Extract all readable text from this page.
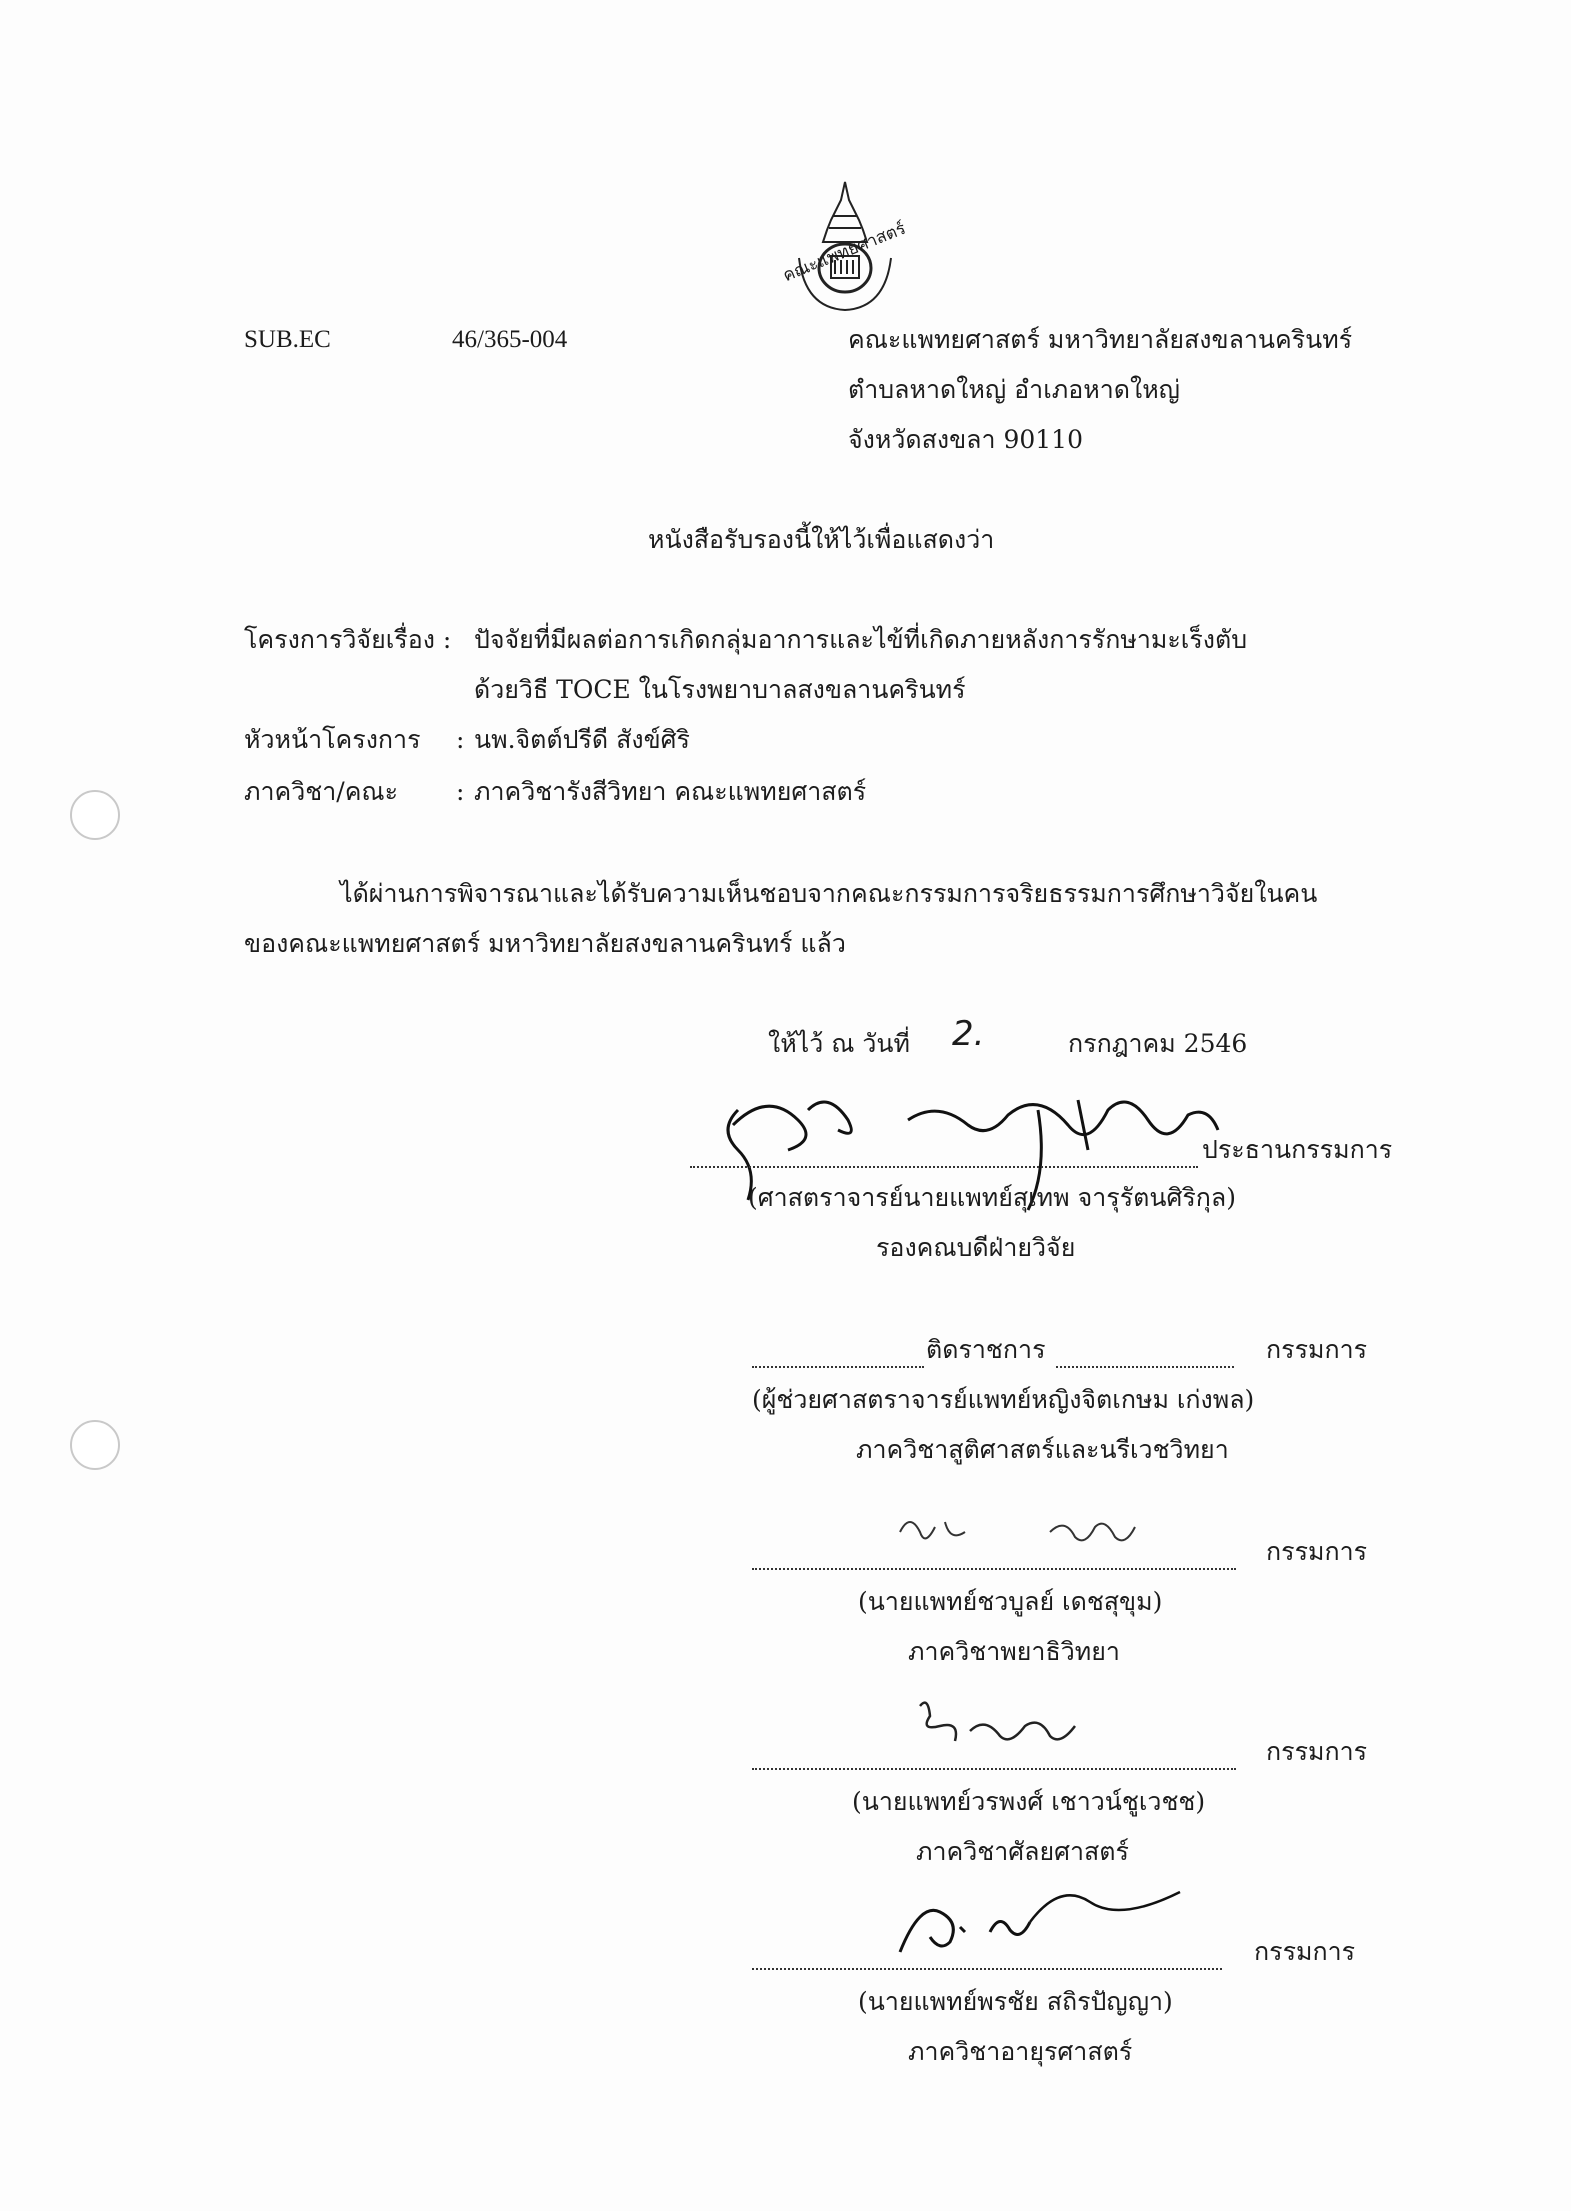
คณะแพทยศาสตร์
SUB.EC	46/365-004	คณะแพทยศาสตร์ มหาวิทยาลัยสงขลานครินทร์
ตำบลหาดใหญ่ อำเภอหาดใหญ่
จังหวัดสงขลา 90110
หนังสือรับรองนี้ให้ไว้เพื่อแสดงว่า
โครงการวิจัยเรื่อง : ปัจจัยที่มีผลต่อการเกิดกลุ่มอาการและไข้ที่เกิดภายหลังการรักษามะเร็งตับ
ด้วยวิธี TOCE ในโรงพยาบาลสงขลานครินทร์
หัวหน้าโครงการ : นพ.จิตต์ปรีดี สังข์ศิริ
ภาควิชา/คณะ : ภาควิชารังสีวิทยา คณะแพทยศาสตร์
ได้ผ่านการพิจารณาและได้รับความเห็นชอบจากคณะกรรมการจริยธรรมการศึกษาวิจัยในคน
ของคณะแพทยศาสตร์ มหาวิทยาลัยสงขลานครินทร์ แล้ว
ให้ไว้ ณ วันที่ 2.	กรกฎาคม 2546
ประธานกรรมการ
(ศาสตราจารย์นายแพทย์สุเทพ จารุรัตนศิริกุล)
รองคณบดีฝ่ายวิจัย
ติดราชการ	กรรมการ
(ผู้ช่วยศาสตราจารย์แพทย์หญิงจิตเกษม เก่งพล)
ภาควิชาสูติศาสตร์และนรีเวชวิทยา
กรรมการ
(นายแพทย์ชวบูลย์ เดชสุขุม)
ภาควิชาพยาธิวิทยา
กรรมการ
(นายแพทย์วรพงศ์ เชาวน์ชูเวชช)
ภาควิชาศัลยศาสตร์
กรรมการ
(นายแพทย์พรชัย สถิรปัญญา)
ภาควิชาอายุรศาสตร์
